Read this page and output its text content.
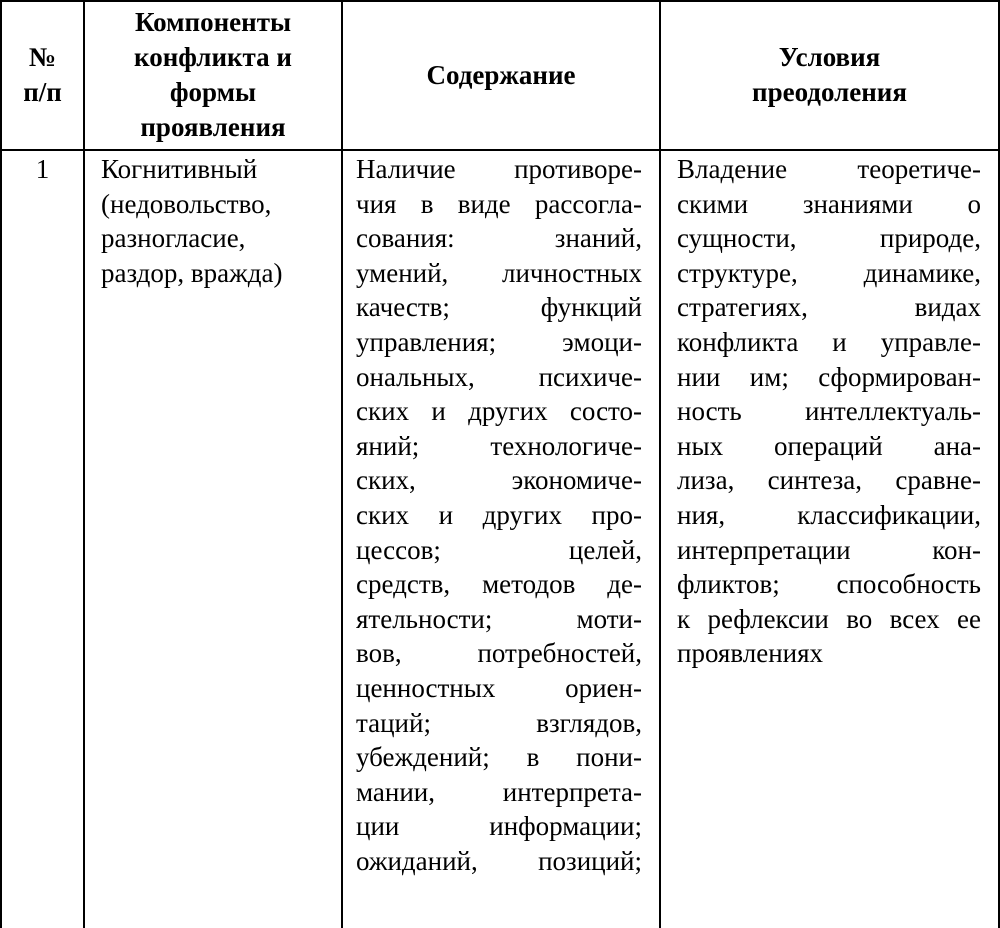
№
п/п
Компоненты
конфликта и
формы проявления
Содержание
Условия
преодоления
1	Когнитивный
(недовольство,
разногласие,
раздор, вражда)
Наличие противоре-
чия в виде рассогла-
сования: знаний,
умений, личностных
качеств; функций
управления; эмоци-
ональных, психиче-
ских и других состо-
яний; технологиче-
ских, экономиче-
ских и других про-
цессов; целей,
средств, методов де-
ятельности; моти-
вов, потребностей,
ценностных ориен-
таций; взглядов,
убеждений; в пони-
мании, интерпрета-
ции информации;
ожиданий, позиций;
Владение теоретиче-
скими знаниями о
сущности, природе,
структуре, динамике,
стратегиях, видах
конфликта и управле-
нии им; сформирован-
ность интеллектуаль-
ных операций ана-
лиза, синтеза, сравне-
ния, классификации,
интерпретации кон-
фликтов; способность
к рефлексии во всех ее
проявлениях
